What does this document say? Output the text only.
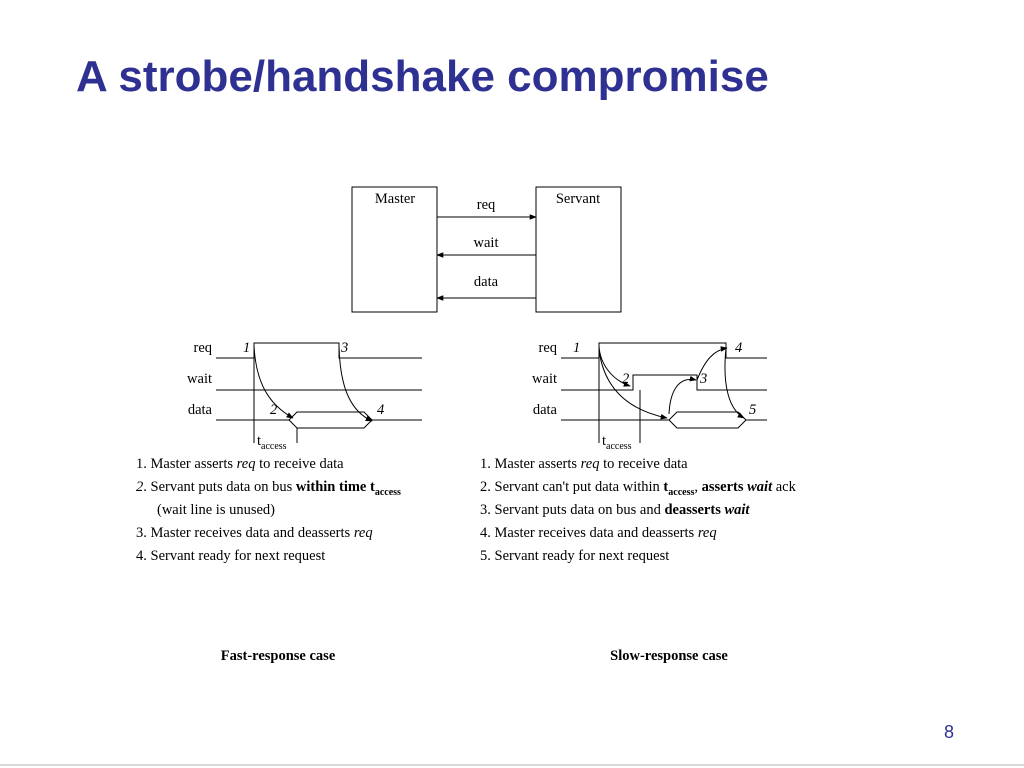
A strobe/handshake compromise
Master	Servant
req
wait
data
req
wait
data
1
2
3
4
$t_{access}$
req
wait
data
1
2	3
4
5
$t_{access}$
1. Master asserts req to receive data
2. Servant puts data on bus within time $t_{access}$
(wait line is unused)
3. Master receives data and deasserts req
4. Servant ready for next request
1. Master asserts req to receive data
2. Servant can't put data within $t_{access}$, asserts wait ack
3. Servant puts data on bus and deasserts wait
4. Master receives data and deasserts req
5. Servant ready for next request
Fast-response case	Slow-response case
8
